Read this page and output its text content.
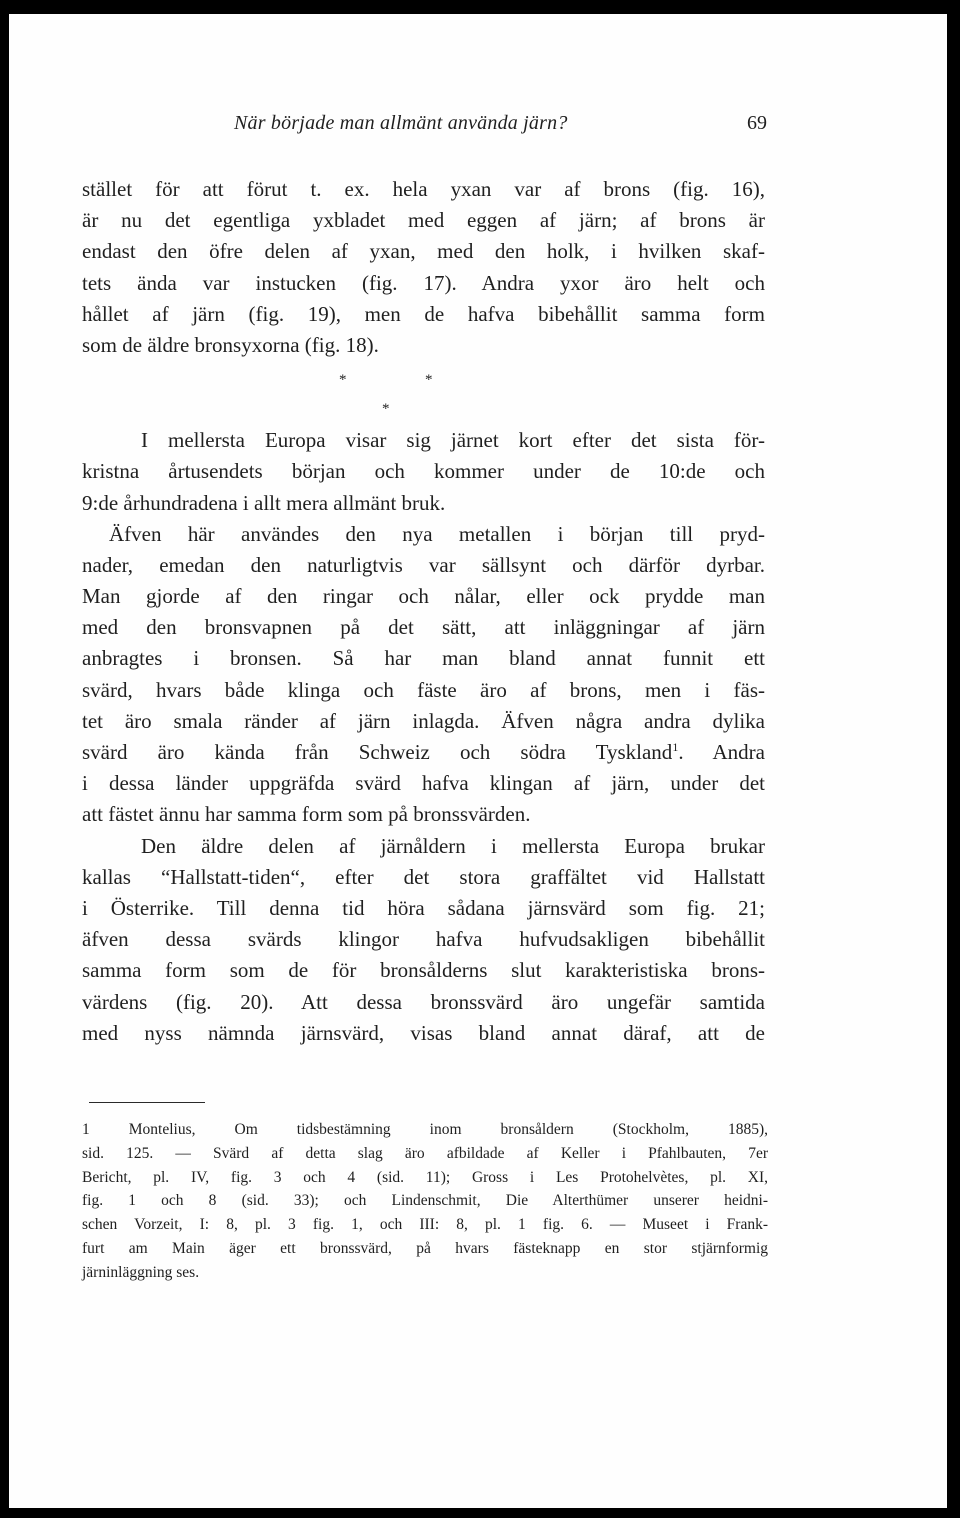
När började man allmänt använda järn?	69
stället för att förut t. ex. hela yxan var af brons (fig. 16),
är nu det egentliga yxbladet med eggen af järn; af brons är
endast den öfre delen af yxan, med den holk, i hvilken skaf-
tets ända var instucken (fig. 17). Andra yxor äro helt och
hållet af järn (fig. 19), men de hafva bibehållit samma form
som de äldre bronsyxorna (fig. 18).
*	*
*
I mellersta Europa visar sig järnet kort efter det sista för-
kristna årtusendets början och kommer under de 10:de och
9:de århundradena i allt mera allmänt bruk.
Äfven här användes den nya metallen i början till pryd-
nader, emedan den naturligtvis var sällsynt och därför dyrbar.
Man gjorde af den ringar och nålar, eller ock prydde man
med den bronsvapnen på det sätt, att inläggningar af järn
anbragtes i bronsen. Så har man bland annat funnit ett
svärd, hvars både klinga och fäste äro af brons, men i fäs-
tet äro smala ränder af järn inlagda. Äfven några andra dylika
svärd äro kända från Schweiz och södra Tyskland$^1$. Andra
i dessa länder uppgräfda svärd hafva klingan af järn, under det
att fästet ännu har samma form som på bronssvärden.
Den äldre delen af järnåldern i mellersta Europa brukar
kallas “Hallstatt-tiden“, efter det stora graffältet vid Hallstatt
i Österrike. Till denna tid höra sådana järnsvärd som fig. 21;
äfven dessa svärds klingor hafva hufvudsakligen bibehållit
samma form som de för bronsålderns slut karakteristiska brons-
värdens (fig. 20). Att dessa bronssvärd äro ungefär samtida
med nyss nämnda järnsvärd, visas bland annat däraf, att de
1 Montelius, Om tidsbestämning inom bronsåldern (Stockholm, 1885),
sid. 125. — Svärd af detta slag äro afbildade af Keller i Pfahlbauten, 7er
Bericht, pl. IV, fig. 3 och 4 (sid. 11); Gross i Les Protohelvètes, pl. XI,
fig. 1 och 8 (sid. 33); och Lindenschmit, Die Alterthümer unserer heidni-
schen Vorzeit, I: 8, pl. 3 fig. 1, och III: 8, pl. 1 fig. 6. — Museet i Frank-
furt am Main äger ett bronssvärd, på hvars fästeknapp en stor stjärnformig
järninläggning ses.
